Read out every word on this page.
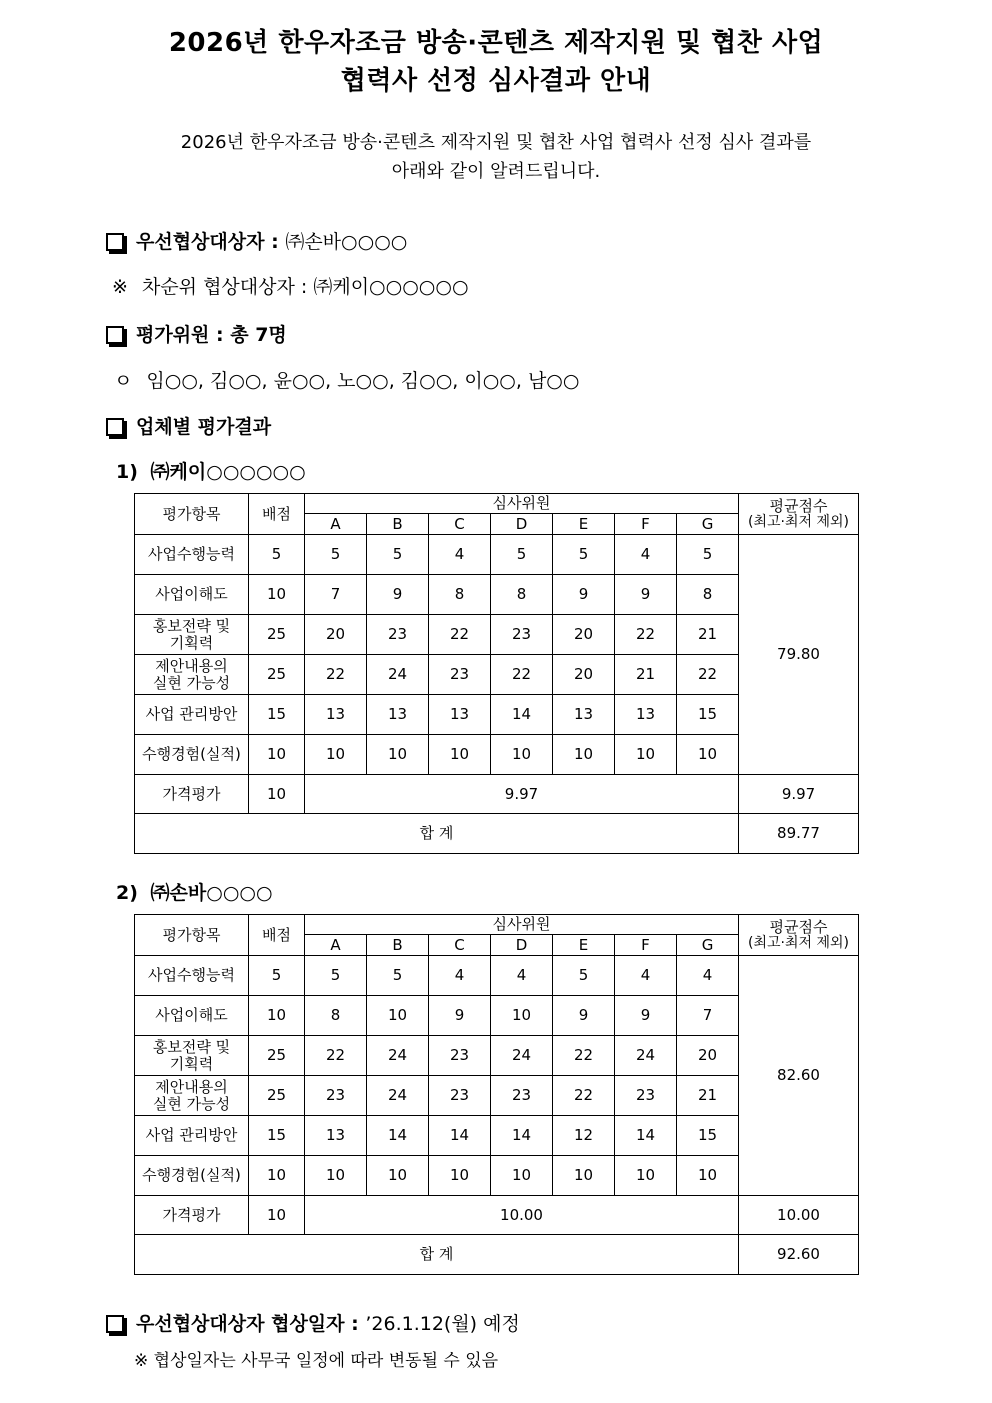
2026년 한우자조금 방송·콘텐츠 제작지원 및 협찬 사업
협력사 선정 심사결과 안내
2026년 한우자조금 방송·콘텐츠 제작지원 및 협찬 사업 협력사 선정 심사 결과를
아래와 같이 알려드립니다.
우선협상대상자 : ㈜손바○○○○
※ 차순위 협상대상자 : ㈜케이○○○○○○
평가위원 : 총 7명
ㅇ 임○○, 김○○, 윤○○, 노○○, 김○○, 이○○, 남○○
업체별 평가결과
1) ㈜케이○○○○○○
평가항목	배점	심사위원							평균점수
(최고·최저 제외)

		A	B	C	D	E	F	G	
사업수행능력	5	5	5	4	5	5	4	5	79.80
사업이해도	10	7	9	8	8	9	9	8	
홍보전략 및
기획력	25	20	23	22	23	20	22	21	
제안내용의
실현 가능성	25	22	24	23	22	20	21	22	
사업 관리방안	15	13	13	13	14	13	13	15	
수행경험(실적)	10	10	10	10	10	10	10	10	
가격평가	10	9.97							9.97
합 계									89.77
2) ㈜손바○○○○
평가항목	배점	심사위원							평균점수
(최고·최저 제외)

		A	B	C	D	E	F	G	
사업수행능력	5	5	5	4	4	5	4	4	82.60
사업이해도	10	8	10	9	10	9	9	7	
홍보전략 및
기획력	25	22	24	23	24	22	24	20	
제안내용의
실현 가능성	25	23	24	23	23	22	23	21	
사업 관리방안	15	13	14	14	14	12	14	15	
수행경험(실적)	10	10	10	10	10	10	10	10	
가격평가	10	10.00							10.00
합 계									92.60
우선협상대상자 협상일자 : ’26.1.12(월) 예정
※ 협상일자는 사무국 일정에 따라 변동될 수 있음
